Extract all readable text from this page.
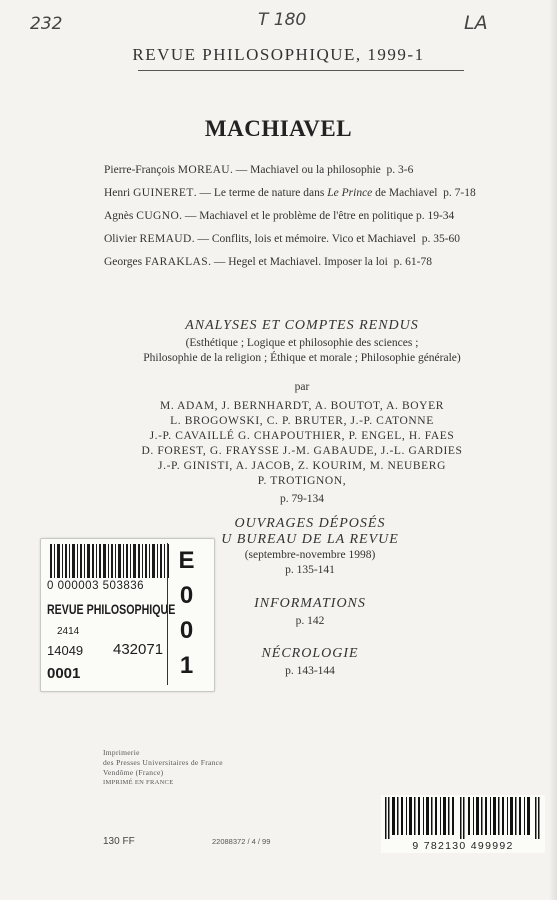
232	T 180	LA
REVUE PHILOSOPHIQUE, 1999-1
MACHIAVEL
Pierre-François MOREAU. — Machiavel ou la philosophie p. 3-6
Henri GUINERET. — Le terme de nature dans Le Prince de Machiavel p. 7-18
Agnès CUGNO. — Machiavel et le problème de l'être en politique p. 19-34
Olivier REMAUD. — Conflits, lois et mémoire. Vico et Machiavel p. 35-60
Georges FARAKLAS. — Hegel et Machiavel. Imposer la loi p. 61-78
ANALYSES ET COMPTES RENDUS
(Esthétique ; Logique et philosophie des sciences ;
Philosophie de la religion ; Éthique et morale ; Philosophie générale)
par
M. ADAM, J. BERNHARDT, A. BOUTOT, A. BOYER
L. BROGOWSKI, C. P. BRUTER, J.-P. CATONNE
J.-P. CAVAILLÉ G. CHAPOUTHIER, P. ENGEL, H. FAES
D. FOREST, G. FRAYSSE J.-M. GABAUDE, J.-L. GARDIES
J.-P. GINISTI, A. JACOB, Z. KOURIM, M. NEUBERG
P. TROTIGNON,
p. 79-134
OUVRAGES DÉPOSÉS
U BUREAU DE LA REVUE
(septembre-novembre 1998)
p. 135-141
INFORMATIONS
p. 142
NÉCROLOGIE
p. 143-144
0 000003 503836
REVUE PHILOSOPHIQUE
2414
14049 432071
0001
E
0
0
1
Imprimerie
des Presses Universitaires de France
Vendôme (France)
IMPRIMÉ EN FRANCE
130 FF	22088372 / 4 / 99	9 782130 499992
